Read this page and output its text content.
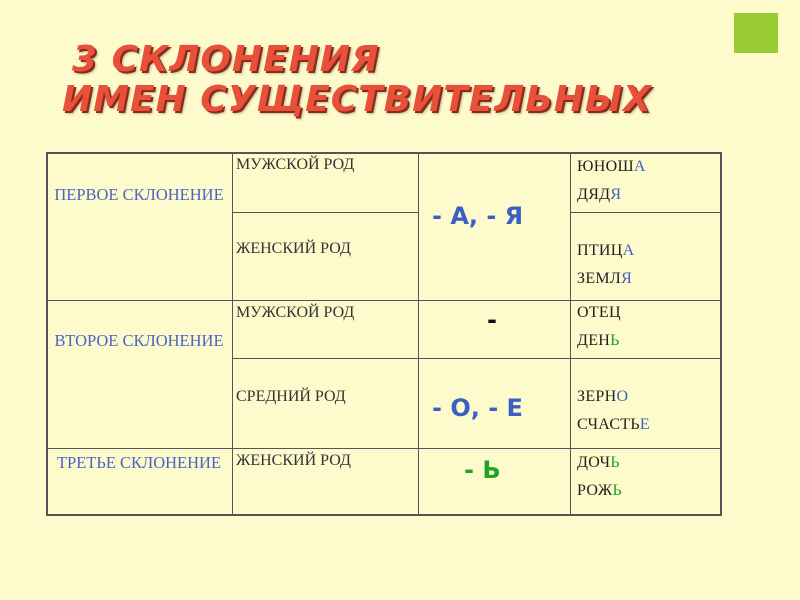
3 СКЛОНЕНИЯ
ИМЕН СУЩЕСТВИТЕЛЬНЫХ
ПЕРВОЕ СКЛОНЕНИЕ
МУЖСКОЙ РОД
ЖЕНСКИЙ РОД
- А, - Я
ЮНОША
ДЯДЯ
ПТИЦА
ЗЕМЛЯ
ВТОРОЕ СКЛОНЕНИЕ
МУЖСКОЙ РОД
СРЕДНИЙ РОД
-
- О, - Е
ОТЕЦ
ДЕНЬ
ЗЕРНО
СЧАСТЬЕ
ТРЕТЬЕ СКЛОНЕНИЕ ЖЕНСКИЙ РОД	- Ь	ДОЧЬ
РОЖЬ
